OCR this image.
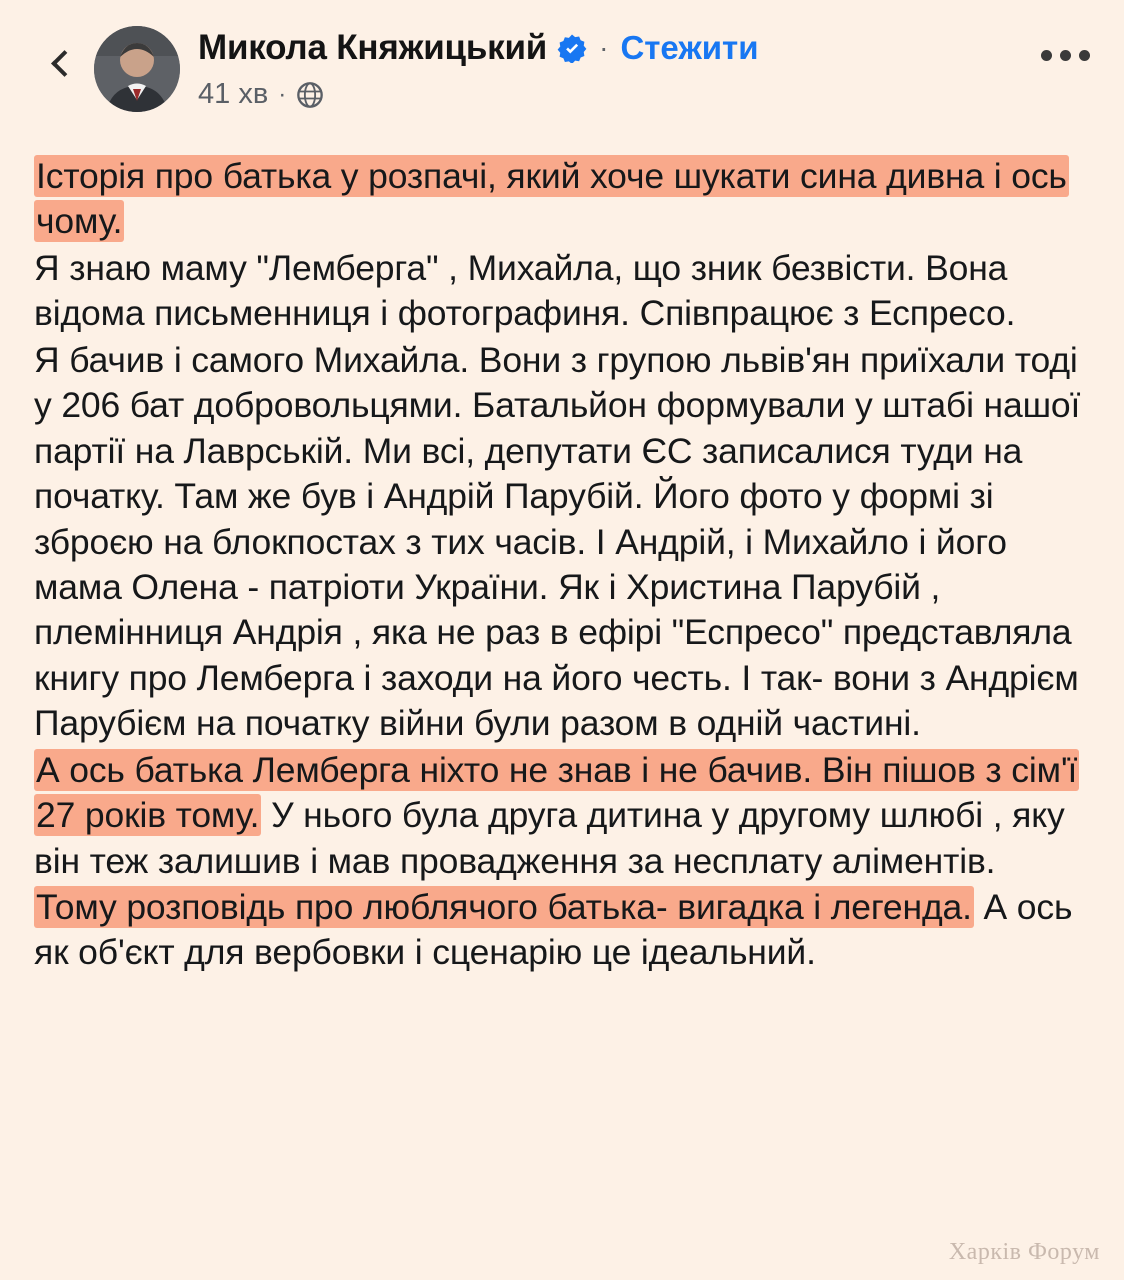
Микола Княжицький · Стежити
41 хв ·

Історія про батька у розпачі, який хоче шукати сина дивна і ось чому.

Я знаю маму "Лемберга" , Михайла, що зник безвісти. Вона відома письменниця і фотографиня. Співпрацює з Еспресо.

Я бачив і самого Михайла. Вони з групою львів'ян приїхали тоді у 206 бат добровольцями. Батальйон формували у штабі нашої партії на Лаврській. Ми всі, депутати ЄС записалися туди на початку. Там же був і Андрій Парубій. Його фото у формі зі зброєю на блокпостах з тих часів. І Андрій, і Михайло і його мама Олена - патріоти України. Як і Христина Парубій , племінниця Андрія , яка не раз в ефірі "Еспресо" представляла книгу про Лемберга і заходи на його честь. І так- вони з Андрієм Парубієм на початку війни були разом в одній частині.

А ось батька Лемберга ніхто не знав і не бачив. Він пішов з сім'ї 27 років тому. У нього була друга дитина у другому шлюбі , яку він теж залишив і мав провадження за несплату аліментів.

Тому розповідь про люблячого батька- вигадка і легенда. А ось як об'єкт для вербовки і сценарію це ідеальний.

Харків Форум
